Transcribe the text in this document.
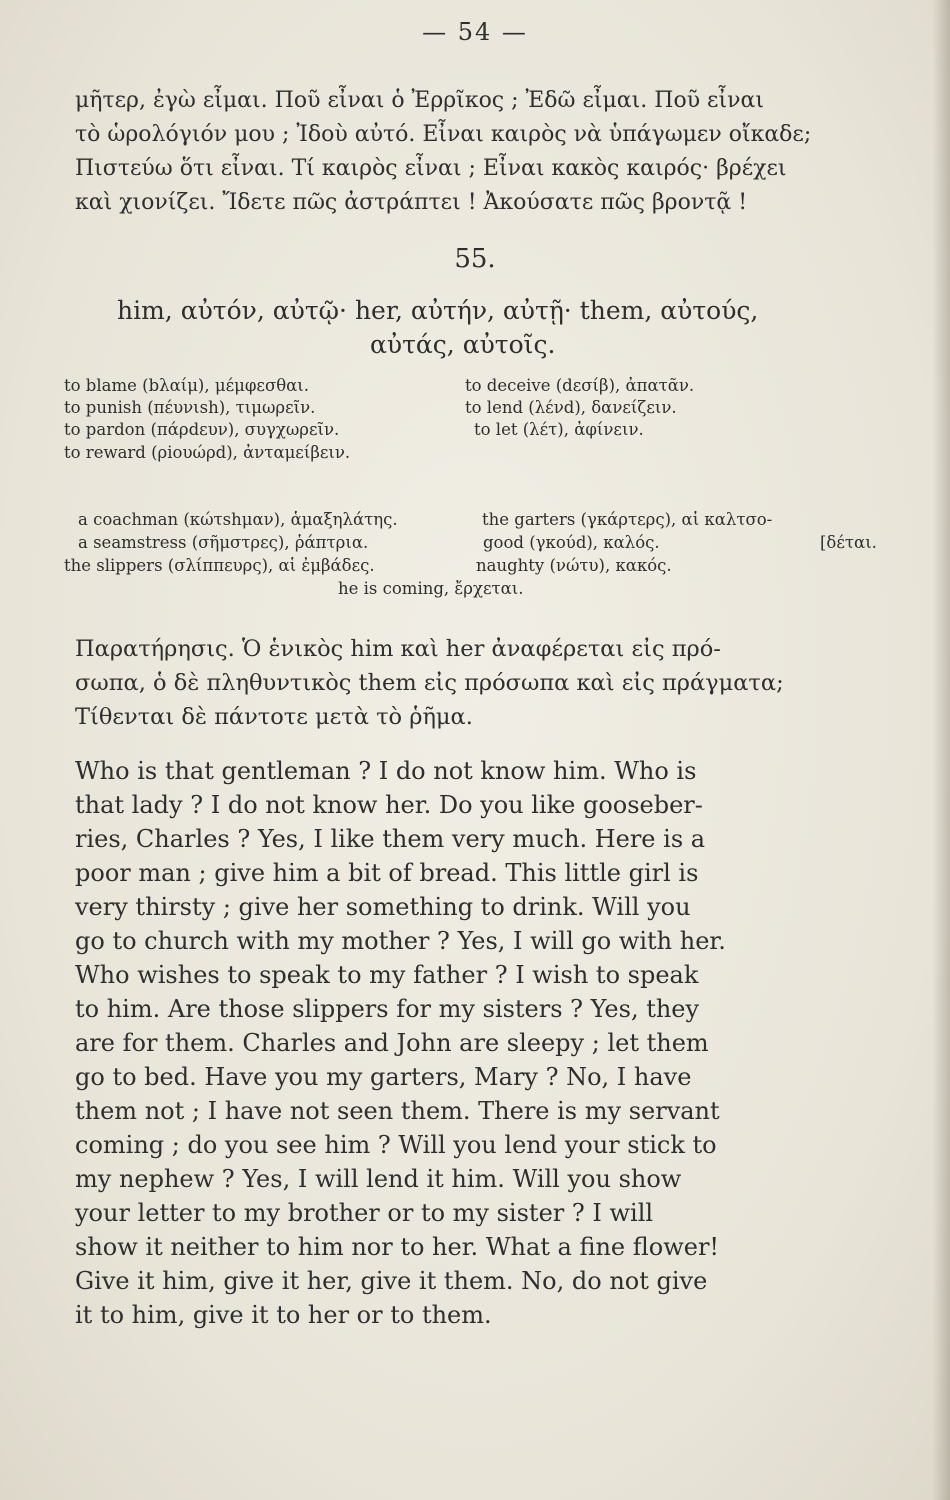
— 54 —
μῆτερ, ἐγὼ εἶμαι. Ποῦ εἶναι ὁ Ἐρρῖκος ; Ἐδῶ εἶμαι. Ποῦ εἶναι
τὸ ὡρολόγιόν μου ; Ἰδοὺ αὐτό. Εἶναι καιρὸς νὰ ὑπάγωμεν οἴκαδε;
Πιστεύω ὅτι εἶναι. Τί καιρὸς εἶναι ; Εἶναι κακὸς καιρός· βρέχει
καὶ χιονίζει. Ἴδετε πῶς ἀστράπτει ! Ἀκούσατε πῶς βροντᾷ !
55.
him, αὐτόν, αὐτῷ· her, αὐτήν, αὐτῇ· them, αὐτούς,
αὐτάς, αὐτοῖς.
to blame (bλαίμ), μέμφεσθαι.
to punish (πέυνιsh), τιμωρεῖν.
to pardon (πάρdευν), συγχωρεῖν.
to reward (ρiουώρd), ἀνταμείβειν.
to deceive (dεσίβ), ἀπατᾶν.
to lend (λένd), δανείζειν.
to let (λέτ), ἀφίνειν.
a coachman (κώτshμαν), ἁμαξηλάτης.
a seamstress (σῆμστρες), ῥάπτρια.
the slippers (σλίππευρς), αἱ ἐμβάδες.
the garters (γκάρτερς), αἱ καλτσο-
good (γκούd), καλός.	[δέται.
naughty (νώτυ), κακός.
he is coming, ἔρχεται.
Παρατήρησις. Ὁ ἑνικὸς him καὶ her ἀναφέρεται εἰς πρό-
σωπα, ὁ δὲ πληθυντικὸς them εἰς πρόσωπα καὶ εἰς πράγματα;
Τίθενται δὲ πάντοτε μετὰ τὸ ῥῆμα.
Who is that gentleman ? I do not know him. Who is
that lady ? I do not know her. Do you like gooseber-
ries, Charles ? Yes, I like them very much. Here is a
poor man ; give him a bit of bread. This little girl is
very thirsty ; give her something to drink. Will you
go to church with my mother ? Yes, I will go with her.
Who wishes to speak to my father ? I wish to speak
to him. Are those slippers for my sisters ? Yes, they
are for them. Charles and John are sleepy ; let them
go to bed. Have you my garters, Mary ? No, I have
them not ; I have not seen them. There is my servant
coming ; do you see him ? Will you lend your stick to
my nephew ? Yes, I will lend it him. Will you show
your letter to my brother or to my sister ? I will
show it neither to him nor to her. What a fine flower!
Give it him, give it her, give it them. No, do not give
it to him, give it to her or to them.
